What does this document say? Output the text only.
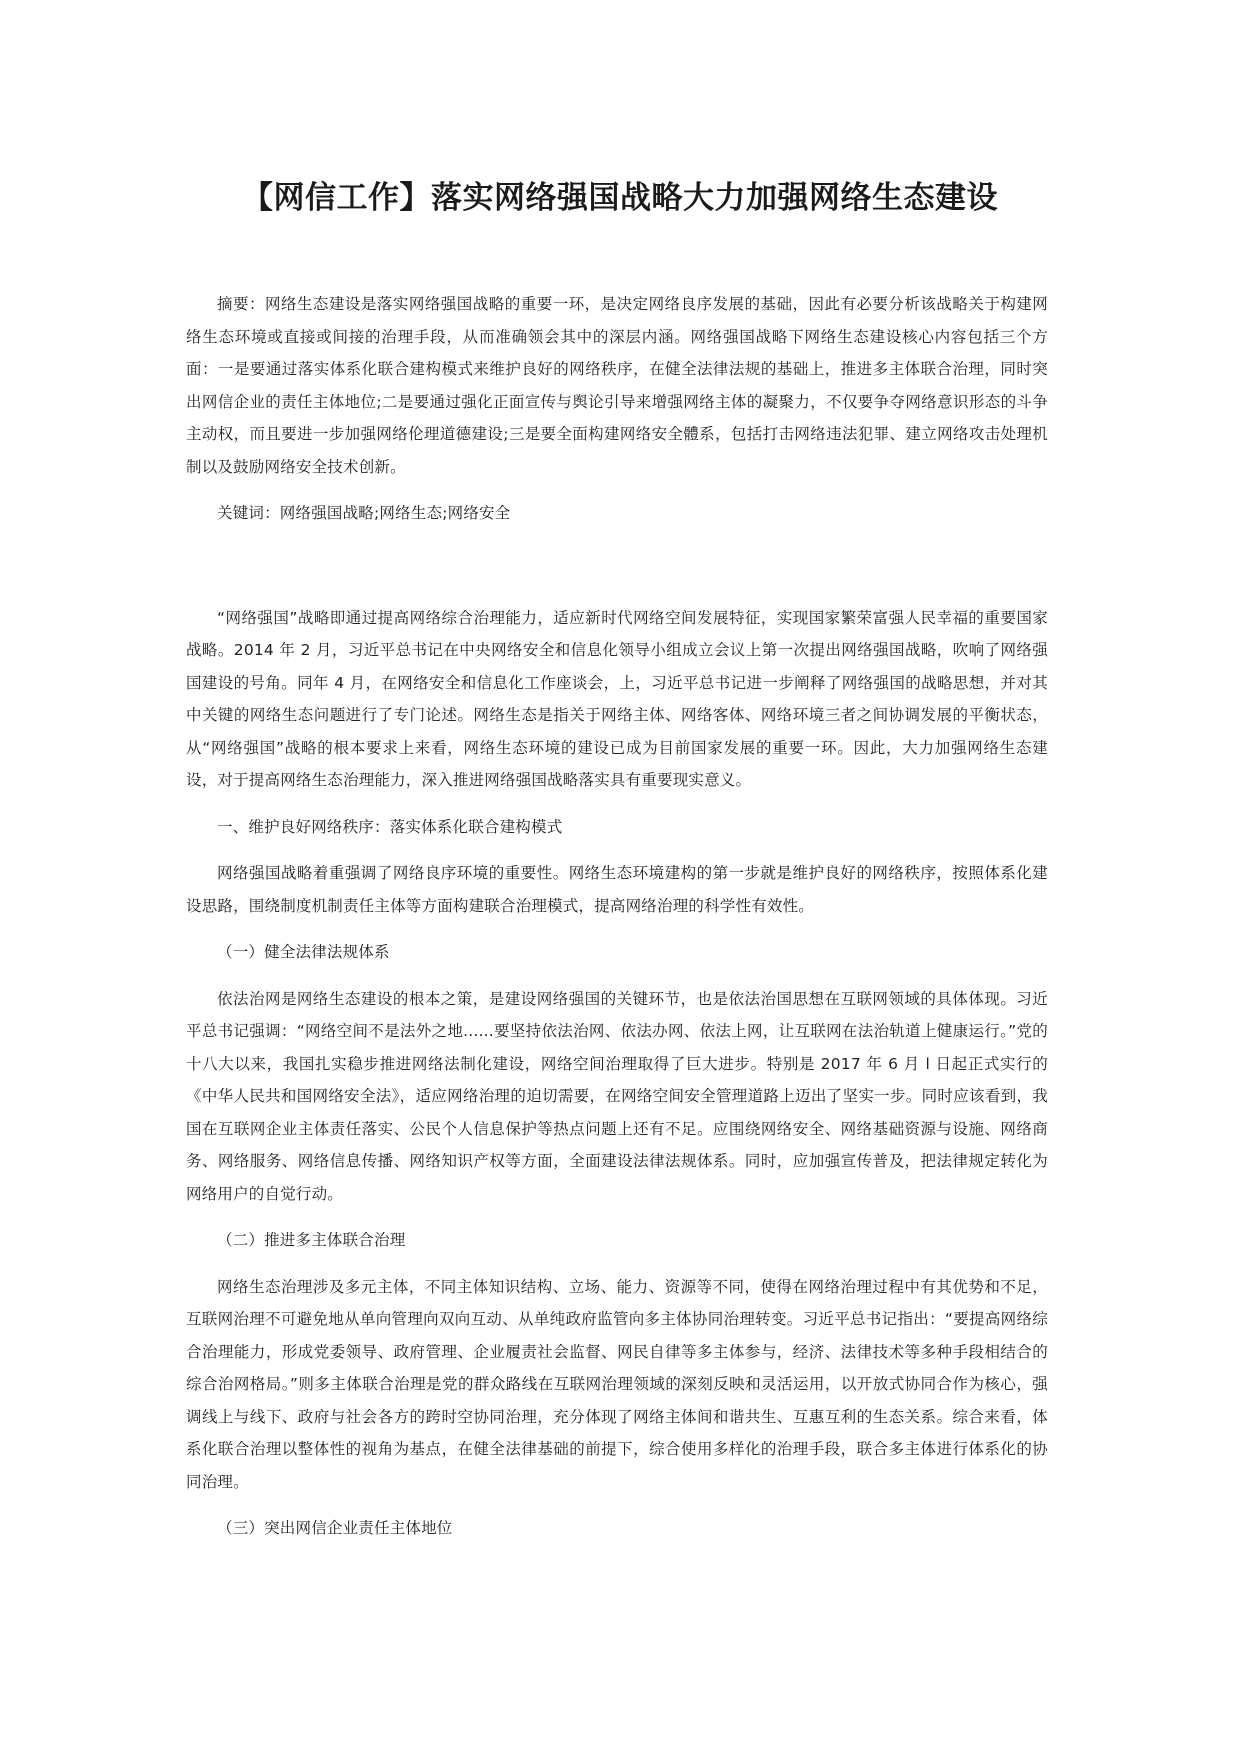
【网信工作】落实网络强国战略大力加强网络生态建设

摘要：网络生态建设是落实网络强国战略的重要一环，是决定网络良序发展的基础，因此有必要分析该战略关于构建网络生态环境或直接或间接的治理手段，从而准确领会其中的深层内涵。网络强国战略下网络生态建设核心内容包括三个方面：一是要通过落实体系化联合建构模式来维护良好的网络秩序，在健全法律法规的基础上，推进多主体联合治理，同时突出网信企业的责任主体地位;二是要通过强化正面宣传与舆论引导来增强网络主体的凝聚力，不仅要争夺网络意识形态的斗争主动权，而且要进一步加强网络伦理道德建设;三是要全面构建网络安全體系，包括打击网络违法犯罪、建立网络攻击处理机制以及鼓励网络安全技术创新。

关键词：网络强国战略;网络生态;网络安全

“网络强国”战略即通过提高网络综合治理能力，适应新时代网络空间发展特征，实现国家繁荣富强人民幸福的重要国家战略。2014 年 2 月，习近平总书记在中央网络安全和信息化领导小组成立会议上第一次提出网络强国战略，吹响了网络强国建设的号角。同年 4 月，在网络安全和信息化工作座谈会，上，习近平总书记进一步阐释了网络强国的战略思想，并对其中关键的网络生态问题进行了专门论述。网络生态是指关于网络主体、网络客体、网络环境三者之间协调发展的平衡状态，从“网络强国”战略的根本要求上来看，网络生态环境的建设已成为目前国家发展的重要一环。因此，大力加强网络生态建设，对于提高网络生态治理能力，深入推进网络强国战略落实具有重要现实意义。

一、维护良好网络秩序：落实体系化联合建构模式

网络强国战略着重强调了网络良序环境的重要性。网络生态环境建构的第一步就是维护良好的网络秩序，按照体系化建设思路，围绕制度机制责任主体等方面构建联合治理模式，提高网络治理的科学性有效性。

（一）健全法律法规体系

依法治网是网络生态建设的根本之策，是建设网络强国的关键环节，也是依法治国思想在互联网领域的具体体现。习近平总书记强调：“网络空间不是法外之地......要坚持依法治网、依法办网、依法上网，让互联网在法治轨道上健康运行。”党的十八大以来，我国扎实稳步推进网络法制化建设，网络空间治理取得了巨大进步。特别是 2017 年 6 月 l 日起正式实行的《中华人民共和国网络安全法》，适应网络治理的迫切需要，在网络空间安全管理道路上迈出了坚实一步。同时应该看到，我国在互联网企业主体责任落实、公民个人信息保护等热点问题上还有不足。应围绕网络安全、网络基础资源与设施、网络商务、网络服务、网络信息传播、网络知识产权等方面，全面建设法律法规体系。同时，应加强宣传普及，把法律规定转化为网络用户的自觉行动。

（二）推进多主体联合治理

网络生态治理涉及多元主体，不同主体知识结构、立场、能力、资源等不同，使得在网络治理过程中有其优势和不足，互联网治理不可避免地从单向管理向双向互动、从单纯政府监管向多主体协同治理转变。习近平总书记指出：“要提高网络综合治理能力，形成党委领导、政府管理、企业履责社会监督、网民自律等多主体参与，经济、法律技术等多种手段相结合的综合治网格局。”则多主体联合治理是党的群众路线在互联网治理领域的深刻反映和灵活运用，以开放式协同合作为核心，强调线上与线下、政府与社会各方的跨时空协同治理，充分体现了网络主体间和谐共生、互惠互利的生态关系。综合来看，体系化联合治理以整体性的视角为基点，在健全法律基础的前提下，综合使用多样化的治理手段，联合多主体进行体系化的协同治理。

（三）突出网信企业责任主体地位
